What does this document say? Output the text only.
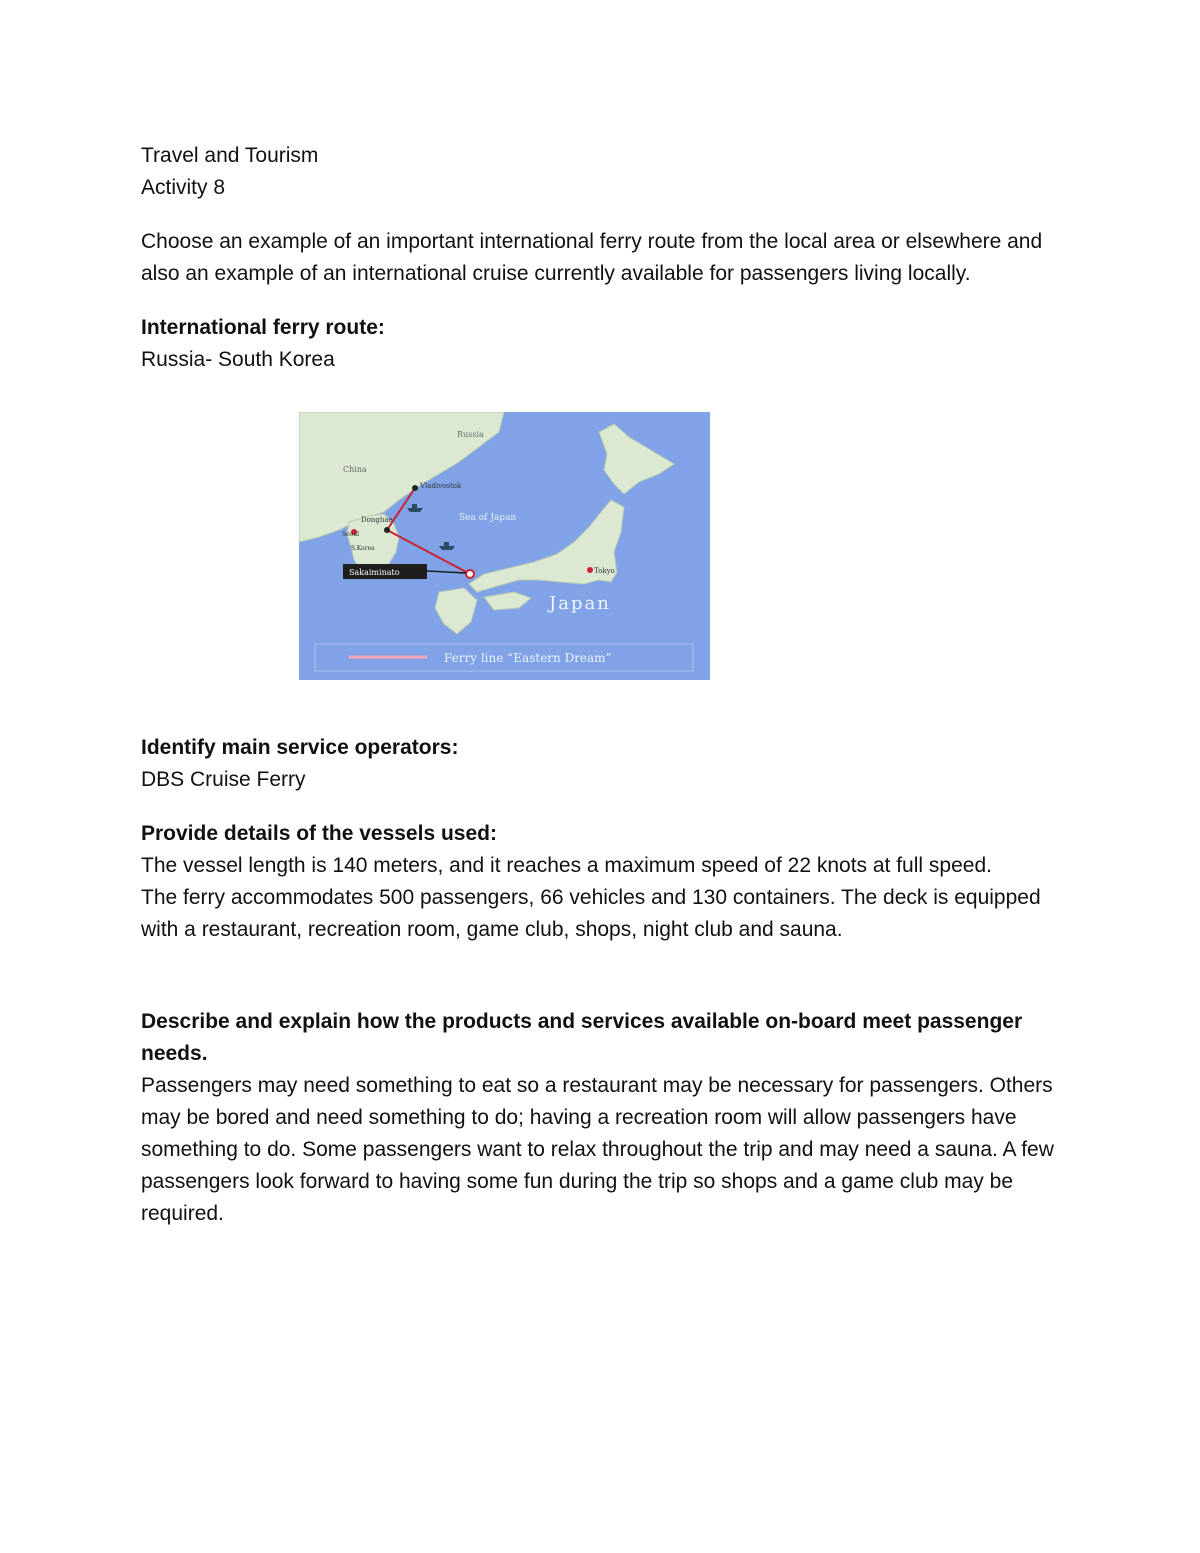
Travel and Tourism

Activity 8

Choose an example of an important international ferry route from the local area or elsewhere and also an example of an international cruise currently available for passengers living locally.

International ferry route:

Russia- South Korea

Russia
China
Vladivostok
Sea of Japan
Donghae
Seoul
S.Korea
Sakaiminato	Tokyo
Japan
Ferry line “Eastern Dream”

Identify main service operators:

DBS Cruise Ferry

Provide details of the vessels used:

The vessel length is 140 meters, and it reaches a maximum speed of 22 knots at full speed.

The ferry accommodates 500 passengers, 66 vehicles and 130 containers. The deck is equipped with a restaurant, recreation room, game club, shops, night club and sauna.

Describe and explain how the products and services available on-board meet passenger needs.

Passengers may need something to eat so a restaurant may be necessary for passengers. Others may be bored and need something to do; having a recreation room will allow passengers have something to do. Some passengers want to relax throughout the trip and may need a sauna. A few passengers look forward to having some fun during the trip so shops and a game club may be required.
